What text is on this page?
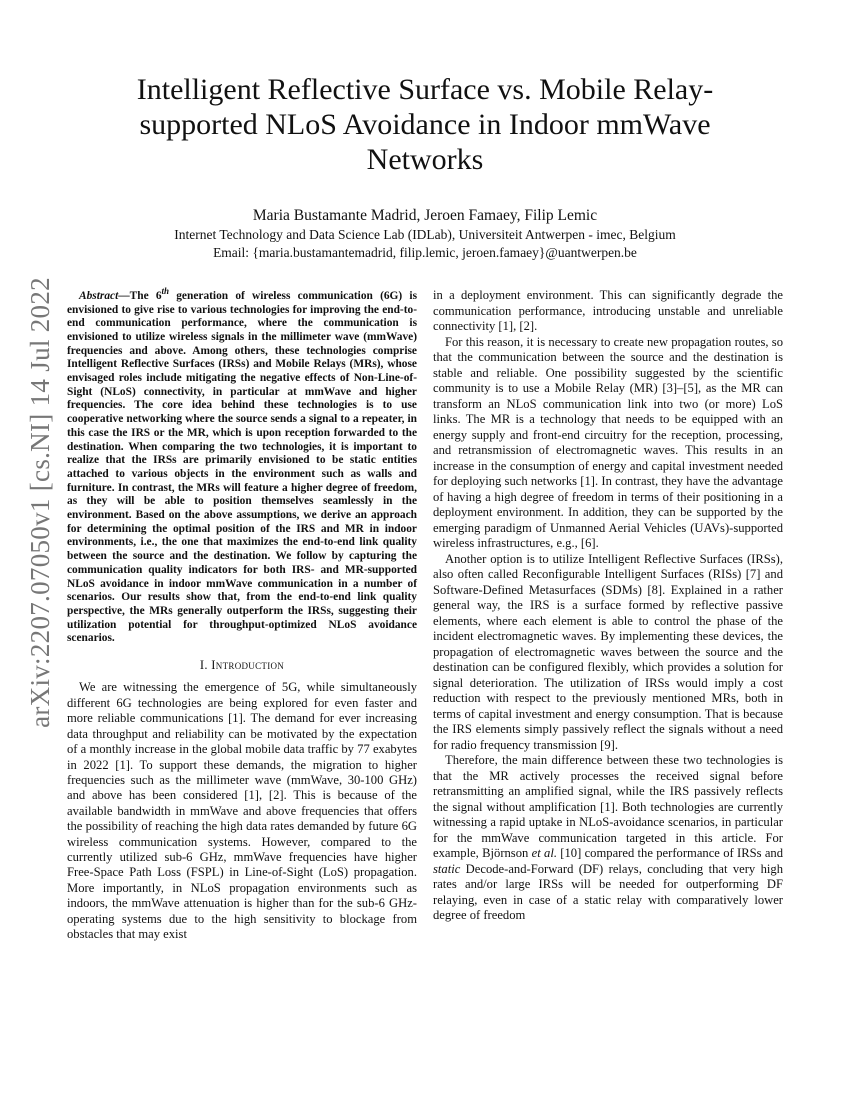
Intelligent Reflective Surface vs. Mobile Relay-supported NLoS Avoidance in Indoor mmWave Networks
Maria Bustamante Madrid, Jeroen Famaey, Filip Lemic
Internet Technology and Data Science Lab (IDLab), Universiteit Antwerpen - imec, Belgium
Email: {maria.bustamantemadrid, filip.lemic, jeroen.famaey}@uantwerpen.be
arXiv:2207.07050v1 [cs.NI] 14 Jul 2022	Abstract—The 6th generation of wireless communication (6G) is envisioned to give rise to various technologies for improving the end-to-end communication performance, where the communication is envisioned to utilize wireless signals in the millimeter wave (mmWave) frequencies and above. Among others, these technologies comprise Intelligent Reflective Surfaces (IRSs) and Mobile Relays (MRs), whose envisaged roles include mitigating the negative effects of Non-Line-of-Sight (NLoS) connectivity, in particular at mmWave and higher frequencies. The core idea behind these technologies is to use cooperative networking where the source sends a signal to a repeater, in this case the IRS or the MR, which is upon reception forwarded to the destination. When comparing the two technologies, it is important to realize that the IRSs are primarily envisioned to be static entities attached to various objects in the environment such as walls and furniture. In contrast, the MRs will feature a higher degree of freedom, as they will be able to position themselves seamlessly in the environment. Based on the above assumptions, we derive an approach for determining the optimal position of the IRS and MR in indoor environments, i.e., the one that maximizes the end-to-end link quality between the source and the destination. We follow by capturing the communication quality indicators for both IRS- and MR-supported NLoS avoidance in indoor mmWave communication in a number of scenarios. Our results show that, from the end-to-end link quality perspective, the MRs generally outperform the IRSs, suggesting their utilization potential for throughput-optimized NLoS avoidance scenarios.

I. Introduction

We are witnessing the emergence of 5G, while simultaneously different 6G technologies are being explored for even faster and more reliable communications [1]. The demand for ever increasing data throughput and reliability can be motivated by the expectation of a monthly increase in the global mobile data traffic by 77 exabytes in 2022 [1]. To support these demands, the migration to higher frequencies such as the millimeter wave (mmWave, 30-100 GHz) and above has been considered [1], [2]. This is because of the available bandwidth in mmWave and above frequencies that offers the possibility of reaching the high data rates demanded by future 6G wireless communication systems. However, compared to the currently utilized sub-6 GHz, mmWave frequencies have higher Free-Space Path Loss (FSPL) in Line-of-Sight (LoS) propagation. More importantly, in NLoS propagation environments such as indoors, the mmWave attenuation is higher than for the sub-6 GHz-operating systems due to the high sensitivity to blockage from obstacles that may exist

in a deployment environment. This can significantly degrade the communication performance, introducing unstable and unreliable connectivity [1], [2].

For this reason, it is necessary to create new propagation routes, so that the communication between the source and the destination is stable and reliable. One possibility suggested by the scientific community is to use a Mobile Relay (MR) [3]–[5], as the MR can transform an NLoS communication link into two (or more) LoS links. The MR is a technology that needs to be equipped with an energy supply and front-end circuitry for the reception, processing, and retransmission of electromagnetic waves. This results in an increase in the consumption of energy and capital investment needed for deploying such networks [1]. In contrast, they have the advantage of having a high degree of freedom in terms of their positioning in a deployment environment. In addition, they can be supported by the emerging paradigm of Unmanned Aerial Vehicles (UAVs)-supported wireless infrastructures, e.g., [6].

Another option is to utilize Intelligent Reflective Surfaces (IRSs), also often called Reconfigurable Intelligent Surfaces (RISs) [7] and Software-Defined Metasurfaces (SDMs) [8]. Explained in a rather general way, the IRS is a surface formed by reflective passive elements, where each element is able to control the phase of the incident electromagnetic waves. By implementing these devices, the propagation of electromagnetic waves between the source and the destination can be configured flexibly, which provides a solution for signal deterioration. The utilization of IRSs would imply a cost reduction with respect to the previously mentioned MRs, both in terms of capital investment and energy consumption. That is because the IRS elements simply passively reflect the signals without a need for radio frequency transmission [9].

Therefore, the main difference between these two technologies is that the MR actively processes the received signal before retransmitting an amplified signal, while the IRS passively reflects the signal without amplification [1]. Both technologies are currently witnessing a rapid uptake in NLoS-avoidance scenarios, in particular for the mmWave communication targeted in this article. For example, Björnson et al. [10] compared the performance of IRSs and static Decode-and-Forward (DF) relays, concluding that very high rates and/or large IRSs will be needed for outperforming DF relaying, even in case of a static relay with comparatively lower degree of freedom
